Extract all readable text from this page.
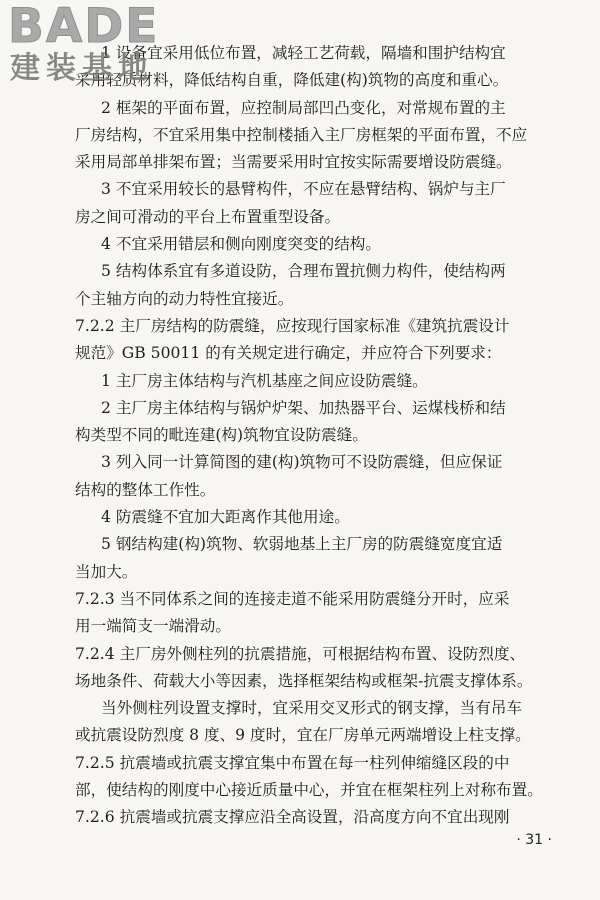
BADE
建装基地
1 设备宜采用低位布置，减轻工艺荷载，隔墙和围护结构宜
采用轻质材料，降低结构自重，降低建(构)筑物的高度和重心。
2 框架的平面布置，应控制局部凹凸变化，对常规布置的主
厂房结构，不宜采用集中控制楼插入主厂房框架的平面布置，不应
采用局部单排架布置；当需要采用时宜按实际需要增设防震缝。
3 不宜采用较长的悬臂构件，不应在悬臂结构、锅炉与主厂
房之间可滑动的平台上布置重型设备。
4 不宜采用错层和侧向刚度突变的结构。
5 结构体系宜有多道设防，合理布置抗侧力构件，使结构两
个主轴方向的动力特性宜接近。
7.2.2 主厂房结构的防震缝，应按现行国家标准《建筑抗震设计
规范》GB 50011 的有关规定进行确定，并应符合下列要求：
1 主厂房主体结构与汽机基座之间应设防震缝。
2 主厂房主体结构与锅炉炉架、加热器平台、运煤栈桥和结
构类型不同的毗连建(构)筑物宜设防震缝。
3 列入同一计算简图的建(构)筑物可不设防震缝，但应保证
结构的整体工作性。
4 防震缝不宜加大距离作其他用途。
5 钢结构建(构)筑物、软弱地基上主厂房的防震缝宽度宜适
当加大。
7.2.3 当不同体系之间的连接走道不能采用防震缝分开时，应采
用一端简支一端滑动。
7.2.4 主厂房外侧柱列的抗震措施，可根据结构布置、设防烈度、
场地条件、荷载大小等因素，选择框架结构或框架-抗震支撑体系。
当外侧柱列设置支撑时，宜采用交叉形式的钢支撑，当有吊车
或抗震设防烈度 8 度、9 度时，宜在厂房单元两端增设上柱支撑。
7.2.5 抗震墙或抗震支撑宜集中布置在每一柱列伸缩缝区段的中
部，使结构的刚度中心接近质量中心，并宜在框架柱列上对称布置。
7.2.6 抗震墙或抗震支撑应沿全高设置，沿高度方向不宜出现刚
· 31 ·
